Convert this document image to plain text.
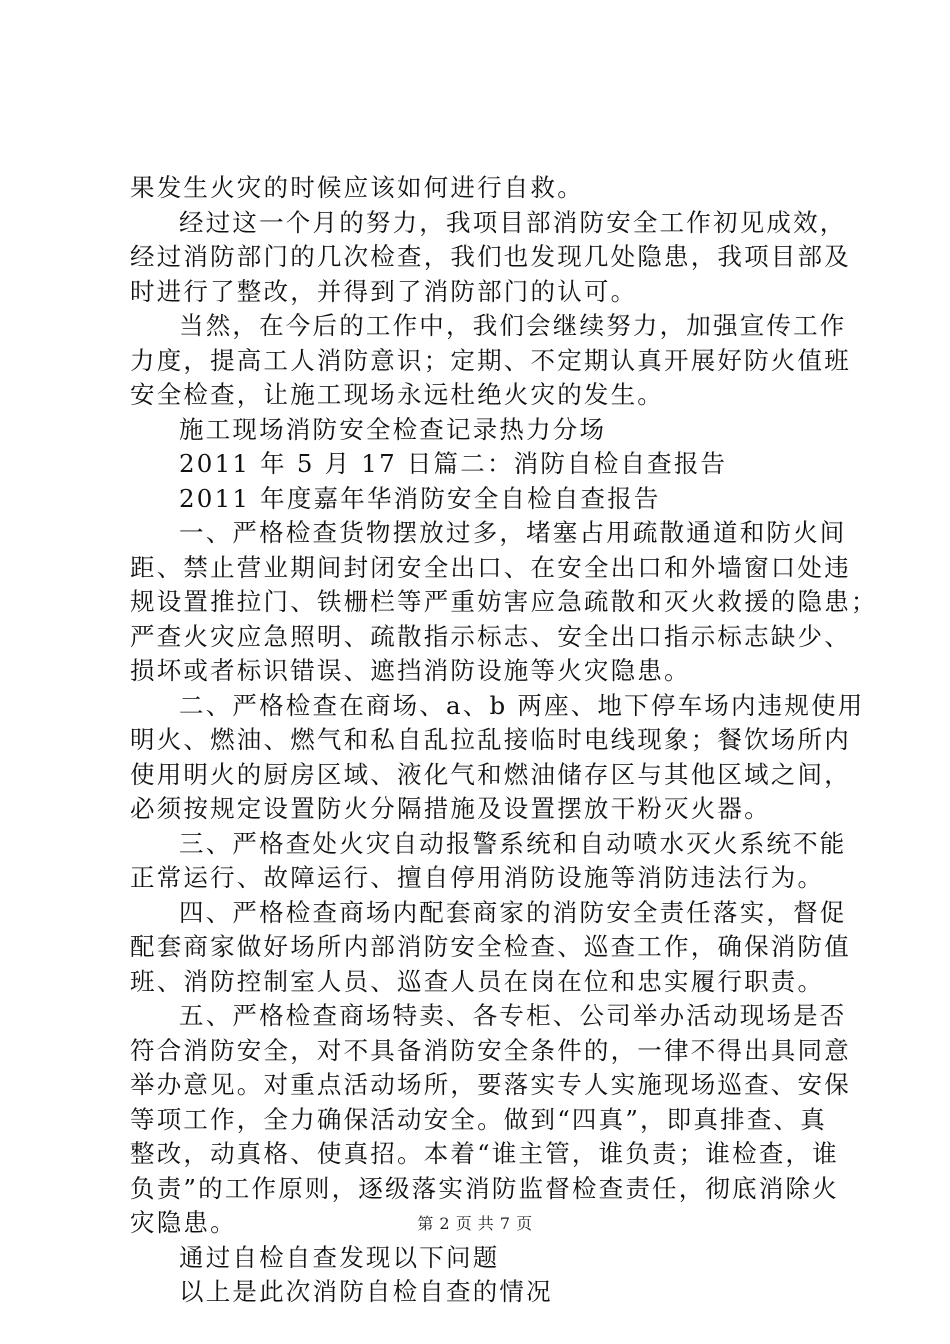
果发生火灾的时候应该如何进行自救。
经过这一个月的努力，我项目部消防安全工作初见成效，
经过消防部门的几次检查，我们也发现几处隐患，我项目部及
时进行了整改，并得到了消防部门的认可。
当然，在今后的工作中，我们会继续努力，加强宣传工作
力度，提高工人消防意识；定期、不定期认真开展好防火值班
安全检查，让施工现场永远杜绝火灾的发生。
施工现场消防安全检查记录热力分场
2011 年 5 月 17 日篇二：消防自检自查报告
2011 年度嘉年华消防安全自检自查报告
一、严格检查货物摆放过多，堵塞占用疏散通道和防火间
距、禁止营业期间封闭安全出口、在安全出口和外墙窗口处违
规设置推拉门、铁栅栏等严重妨害应急疏散和灭火救援的隐患；
严查火灾应急照明、疏散指示标志、安全出口指示标志缺少、
损坏或者标识错误、遮挡消防设施等火灾隐患。
二、严格检查在商场、a、b 两座、地下停车场内违规使用
明火、燃油、燃气和私自乱拉乱接临时电线现象；餐饮场所内
使用明火的厨房区域、液化气和燃油储存区与其他区域之间，
必须按规定设置防火分隔措施及设置摆放干粉灭火器。
三、严格查处火灾自动报警系统和自动喷水灭火系统不能
正常运行、故障运行、擅自停用消防设施等消防违法行为。
四、严格检查商场内配套商家的消防安全责任落实，督促
配套商家做好场所内部消防安全检查、巡查工作，确保消防值
班、消防控制室人员、巡查人员在岗在位和忠实履行职责。
五、严格检查商场特卖、各专柜、公司举办活动现场是否
符合消防安全，对不具备消防安全条件的，一律不得出具同意
举办意见。对重点活动场所，要落实专人实施现场巡查、安保
等项工作，全力确保活动安全。做到“四真”，即真排查、真
整改，动真格、使真招。本着“谁主管，谁负责；谁检查，谁
负责”的工作原则，逐级落实消防监督检查责任，彻底消除火
灾隐患。
通过自检自查发现以下问题
以上是此次消防自检自查的情况
第 2 页 共 7 页
